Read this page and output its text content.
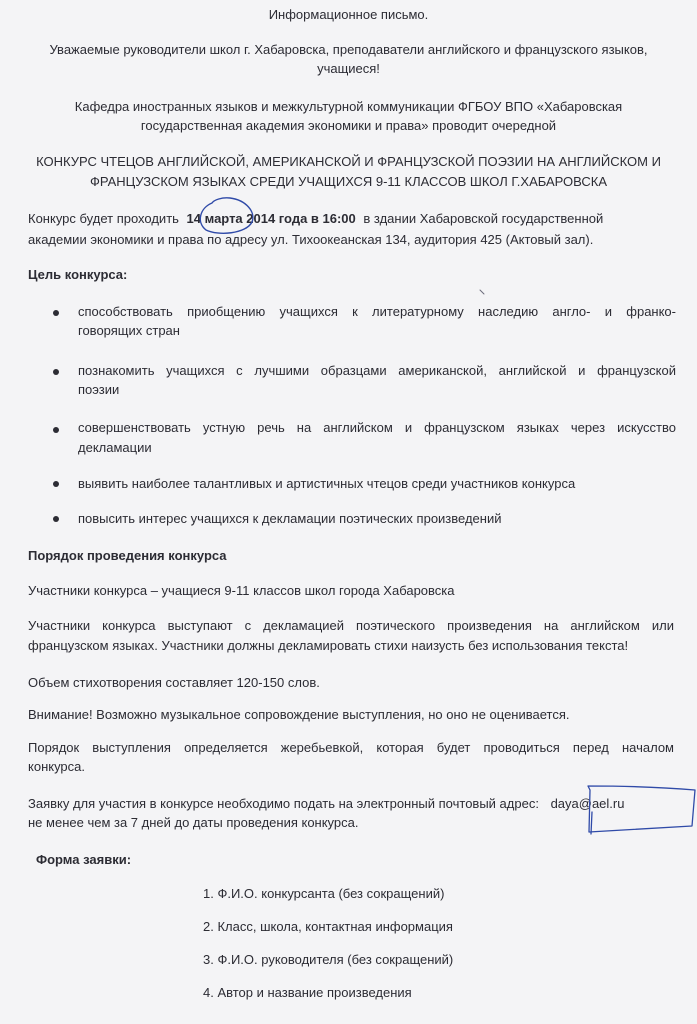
Информационное письмо.
Уважаемые руководители школ г. Хабаровска, преподаватели английского и французского языков,
учащиеся!
Кафедра иностранных языков и межкультурной коммуникации ФГБОУ ВПО «Хабаровская
государственная академия экономики и права» проводит очередной
КОНКУРС ЧТЕЦОВ АНГЛИЙСКОЙ, АМЕРИКАНСКОЙ И ФРАНЦУЗСКОЙ ПОЭЗИИ НА АНГЛИЙСКОМ И
ФРАНЦУЗСКОМ ЯЗЫКАХ СРЕДИ УЧАЩИХСЯ 9-11 КЛАССОВ ШКОЛ Г.ХАБАРОВСКА
Конкурс будет проходить 14 марта 2014 года в 16:00 в здании Хабаровской государственной
академии экономики и права по адресу ул. Тихоокеанская 134, аудитория 425 (Актовый зал).
Цель конкурса:
способствовать приобщению учащихся к литературному наследию англо- и франко-
говорящих стран
познакомить учащихся с лучшими образцами американской, английской и французской
поэзии
совершенствовать устную речь на английском и французском языках через искусство
декламации
выявить наиболее талантливых и артистичных чтецов среди участников конкурса
повысить интерес учащихся к декламации поэтических произведений
Порядок проведения конкурса
Участники конкурса – учащиеся 9-11 классов школ города Хабаровска
Участники конкурса выступают с декламацией поэтического произведения на английском или
французском языках. Участники должны декламировать стихи наизусть без использования текста!
Объем стихотворения составляет 120-150 слов.
Внимание! Возможно музыкальное сопровождение выступления, но оно не оценивается.
Порядок выступления определяется жеребьевкой, которая будет проводиться перед началом
конкурса.
Заявку для участия в конкурсе необходимо подать на электронный почтовый адрес: daya@ael.ru
не менее чем за 7 дней до даты проведения конкурса.
Форма заявки:
1. Ф.И.О. конкурсанта (без сокращений)
2. Класс, школа, контактная информация
3. Ф.И.О. руководителя (без сокращений)
4. Автор и название произведения
